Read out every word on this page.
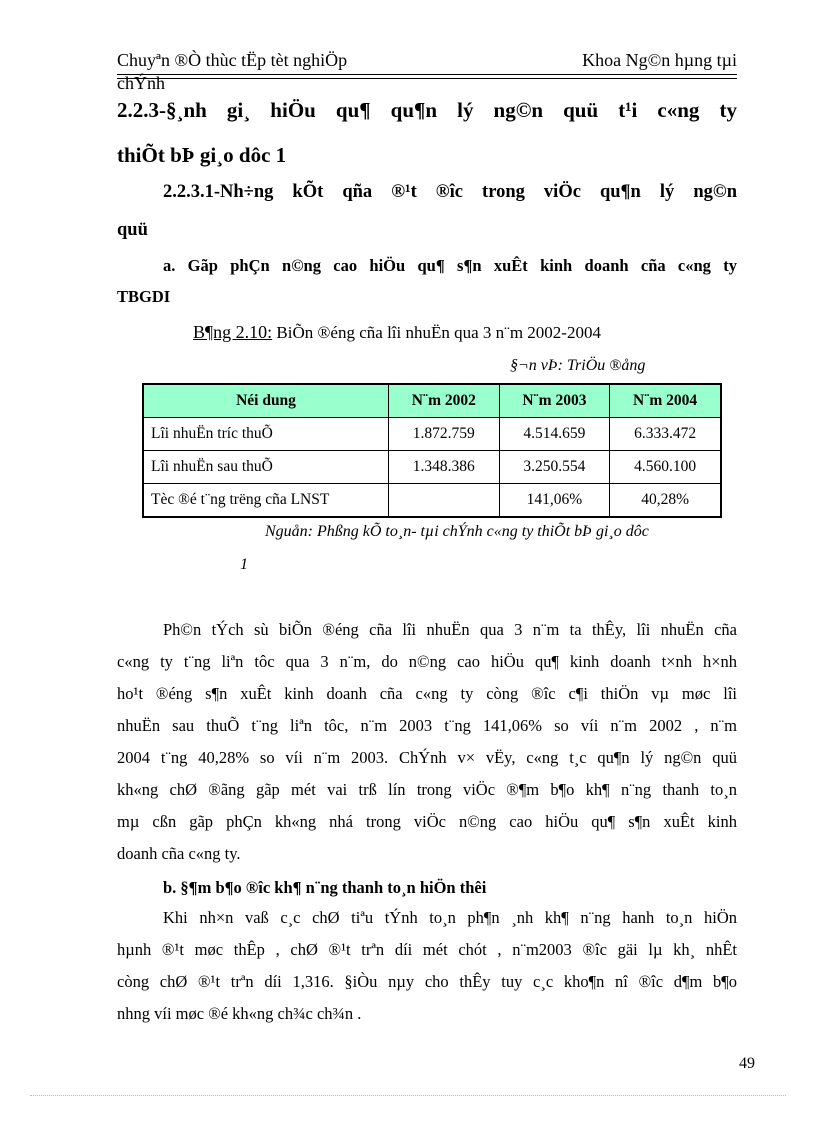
Chuyªn ®Ò thùc tËp tèt nghiÖp	Khoa Ng©n hµng tµi
chÝnh
2.2.3-§¸nh gi¸ hiÖu qu¶ qu¶n lý ng©n quü t¹i c«ng ty
thiÕt bÞ gi¸o dôc 1
2.2.3.1-Nh÷ng kÕt qña ®¹t ®îc trong viÖc qu¶n lý ng©n
quü
a. Gãp phÇn n©ng cao hiÖu qu¶ s¶n xuÊt kinh doanh cña c«ng ty
TBGDI
B¶ng 2.10: BiÕn ®éng cña lîi nhuËn qua 3 n¨m 2002-2004
§¬n vÞ: TriÖu ®ång
Néi dung	N¨m 2002	N¨m 2003	N¨m 2004
Lîi nhuËn tríc thuÕ	1.872.759	4.514.659	6.333.472
Lîi nhuËn sau thuÕ	1.348.386	3.250.554	4.560.100
Tèc ®é t¨ng trëng cña LNST		141,06%	40,28%
Nguån: Phßng kÕ to¸n- tµi chÝnh c«ng ty thiÕt bÞ gi¸o dôc
1
Ph©n tÝch sù biÕn ®éng cña lîi nhuËn qua 3 n¨m ta thÊy, lîi nhuËn cña
c«ng ty t¨ng liªn tôc qua 3 n¨m, do n©ng cao hiÖu qu¶ kinh doanh t×nh h×nh
ho¹t ®éng s¶n xuÊt kinh doanh cña c«ng ty còng ®îc c¶i thiÖn vµ møc lîi
nhuËn sau thuÕ t¨ng liªn tôc, n¨m 2003 t¨ng 141,06% so víi n¨m 2002 , n¨m
2004 t¨ng 40,28% so víi n¨m 2003. ChÝnh v× vËy, c«ng t¸c qu¶n lý ng©n quü
kh«ng chØ ®ãng gãp mét vai trß lín trong viÖc ®¶m b¶o kh¶ n¨ng thanh to¸n
mµ cßn gãp phÇn kh«ng nhá trong viÖc n©ng cao hiÖu qu¶ s¶n xuÊt kinh
doanh cña c«ng ty.
b. §¶m b¶o ®îc kh¶ n¨ng thanh to¸n hiÖn thêi
Khi nh×n vaß c¸c chØ tiªu tÝnh to¸n ph¶n ¸nh kh¶ n¨ng hanh to¸n hiÖn
hµnh ®¹t møc thÊp , chØ ®¹t trªn díi mét chót , n¨m2003 ®îc gäi lµ kh¸ nhÊt
còng chØ ®¹t trªn díi 1,316. §iÒu nµy cho thÊy tuy c¸c kho¶n nî ®îc d¶m b¶o
nhng víi møc ®é kh«ng ch¾c ch¾n .
49
